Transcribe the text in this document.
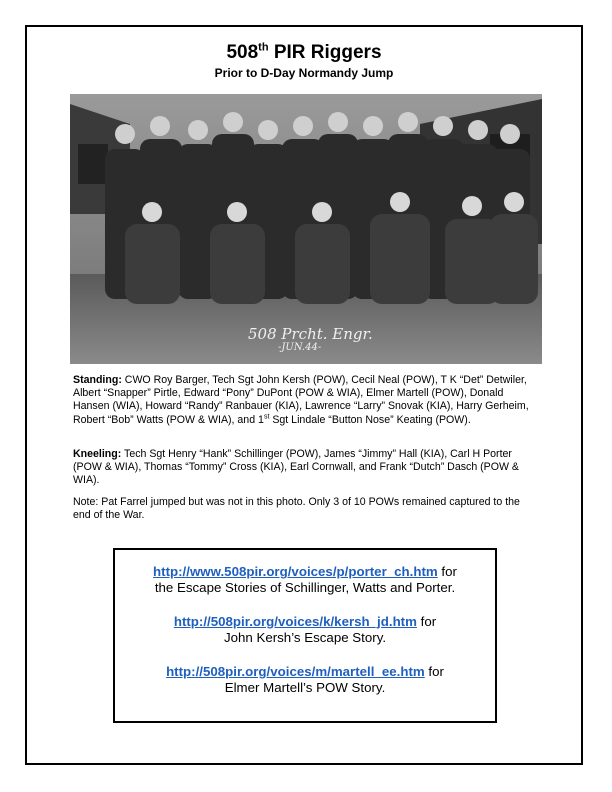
508th PIR Riggers
Prior to D-Day Normandy Jump
508 Prcht. Engr.
-JUN.44-
Standing: CWO Roy Barger, Tech Sgt John Kersh (POW), Cecil Neal (POW), T K “Det” Detwiler, Albert “Snapper” Pirtle, Edward “Pony” DuPont (POW & WIA), Elmer Martell (POW), Donald Hansen (WIA), Howard “Randy” Ranbauer (KIA), Lawrence “Larry” Snovak (KIA), Harry Gerheim, Robert “Bob” Watts (POW & WIA), and 1st Sgt Lindale “Button Nose” Keating (POW).
Kneeling: Tech Sgt Henry “Hank” Schillinger (POW), James “Jimmy” Hall (KIA), Carl H Porter (POW & WIA), Thomas “Tommy” Cross (KIA), Earl Cornwall, and Frank “Dutch” Dasch (POW & WIA).
Note: Pat Farrel jumped but was not in this photo. Only 3 of 10 POWs remained captured to the end of the War.
http://www.508pir.org/voices/p/porter_ch.htm for
the Escape Stories of Schillinger, Watts and Porter.
http://508pir.org/voices/k/kersh_jd.htm for
John Kersh’s Escape Story.
http://508pir.org/voices/m/martell_ee.htm for
Elmer Martell’s POW Story.
